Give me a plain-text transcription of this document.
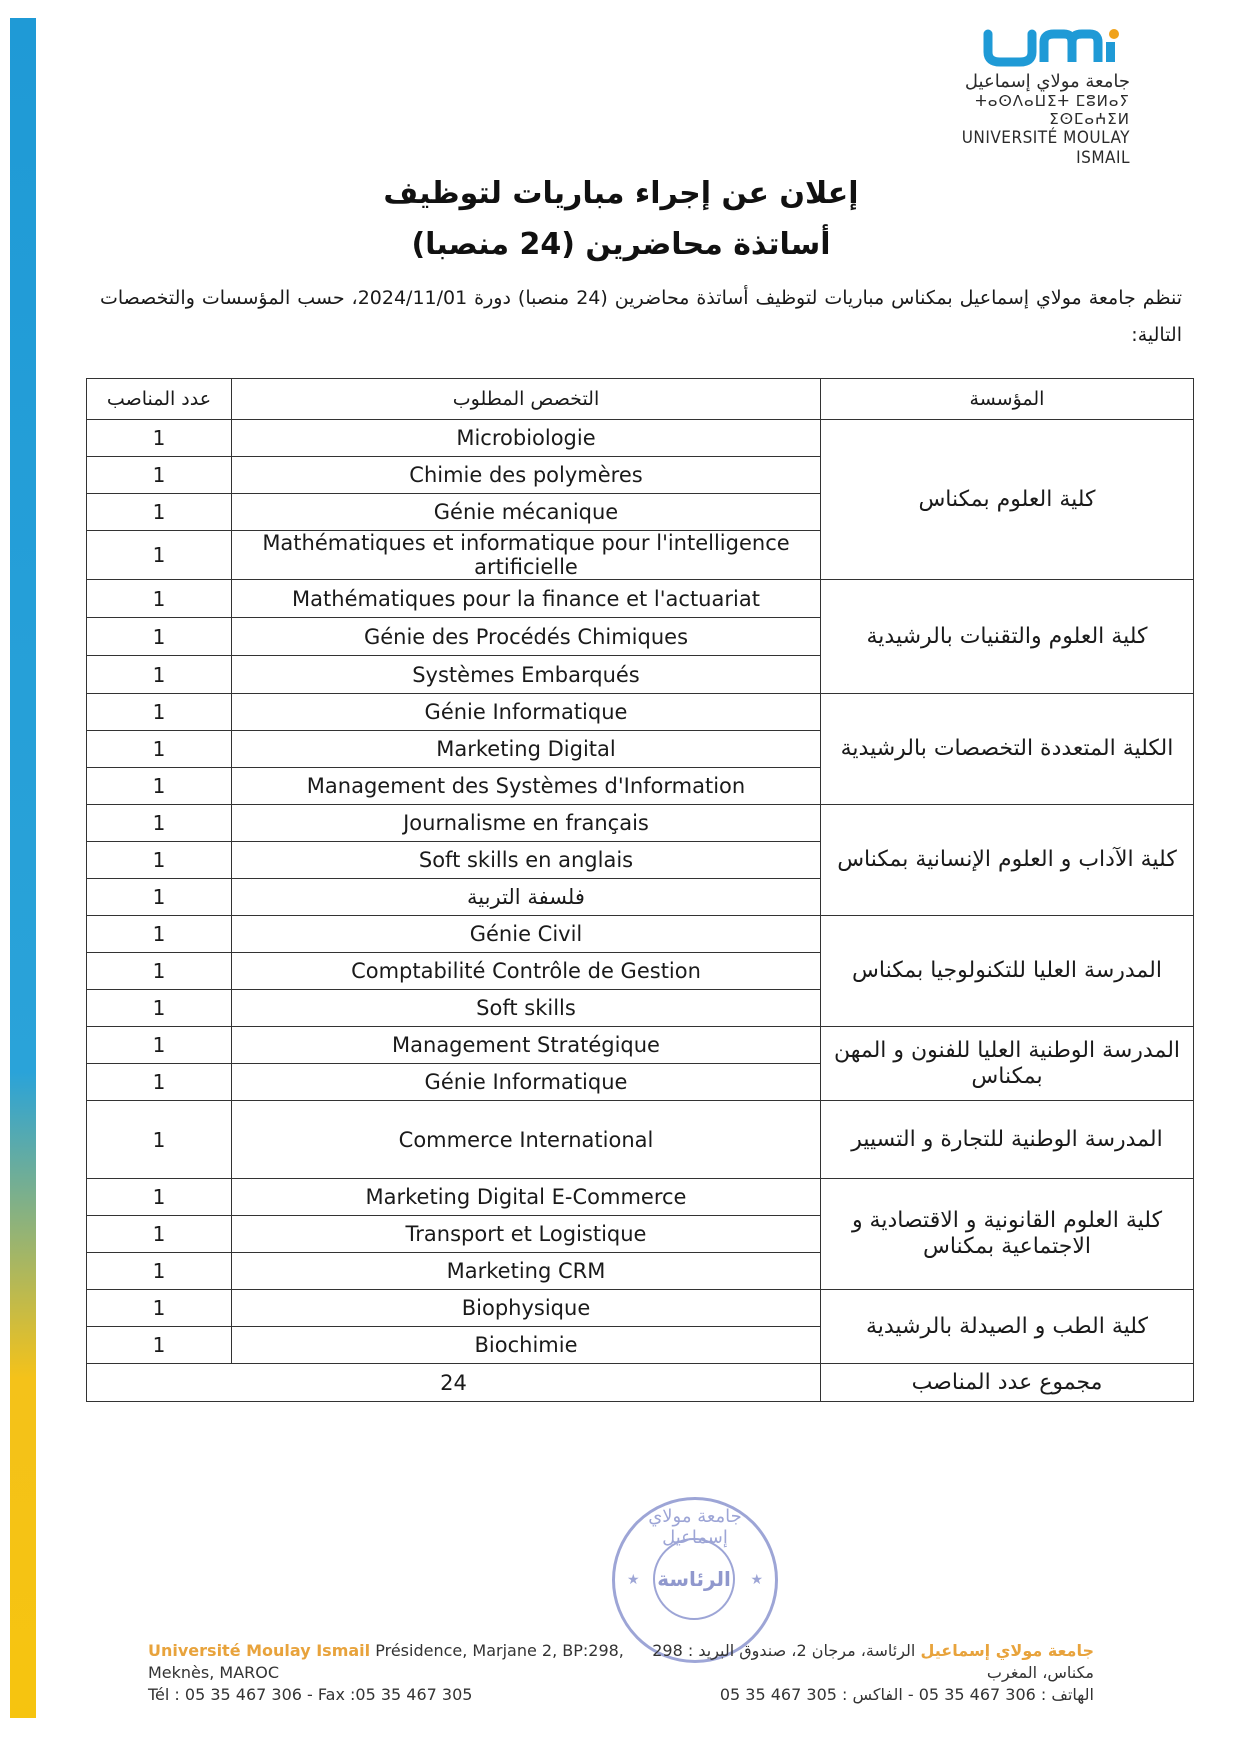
جامعة مولاي إسماعيل
ⵜⴰⵙⴷⴰⵡⵉⵜ ⵎⵓⵍⴰⵢ ⵉⵙⵎⴰⵄⵉⵍ
UNIVERSITÉ MOULAY ISMAIL
إعلان عن إجراء مباريات لتوظيف
أساتذة محاضرين (24 منصبا)
تنظم جامعة مولاي إسماعيل بمكناس مباريات لتوظيف أساتذة محاضرين (24 منصبا) دورة 2024/11/01، حسب المؤسسات والتخصصات التالية:
عدد المناصب	التخصص المطلوب	المؤسسة
1	Microbiologie	كلية العلوم بمكناس
1	Chimie des polymères	
1	Génie mécanique	
1	Mathématiques et informatique pour l'intelligence artificielle	
1	Mathématiques pour la finance et l'actuariat	كلية العلوم والتقنيات بالرشيدية
1	Génie des Procédés Chimiques	
1	Systèmes Embarqués	
1	Génie Informatique	الكلية المتعددة التخصصات بالرشيدية
1	Marketing Digital	
1	Management des Systèmes d'Information	
1	Journalisme en français	كلية الآداب و العلوم الإنسانية بمكناس
1	Soft skills en anglais	
1	فلسفة التربية	
1	Génie Civil	المدرسة العليا للتكنولوجيا بمكناس
1	Comptabilité Contrôle de Gestion	
1	Soft skills	
1	Management Stratégique	المدرسة الوطنية العليا للفنون و المهن بمكناس
1	Génie Informatique	
1	Commerce International	المدرسة الوطنية للتجارة و التسيير
1	Marketing Digital E-Commerce	كلية العلوم القانونية و الاقتصادية و الاجتماعية بمكناس
1	Transport et Logistique	
1	Marketing CRM	
1	Biophysique	كلية الطب و الصيدلة بالرشيدية
1	Biochimie	
24		مجموع عدد المناصب
جامعة مولاي إسماعيل
الرئاسة
★	★
Université Moulay Ismail Présidence, Marjane 2, BP:298,
Meknès, MAROC
Tél : 05 35 467 306 - Fax :05 35 467 305
جامعة مولاي إسماعيل الرئاسة، مرجان 2، صندوق البريد : 298
مكناس، المغرب
الهاتف : 306 467 35 05 - الفاكس : 305 467 35 05
